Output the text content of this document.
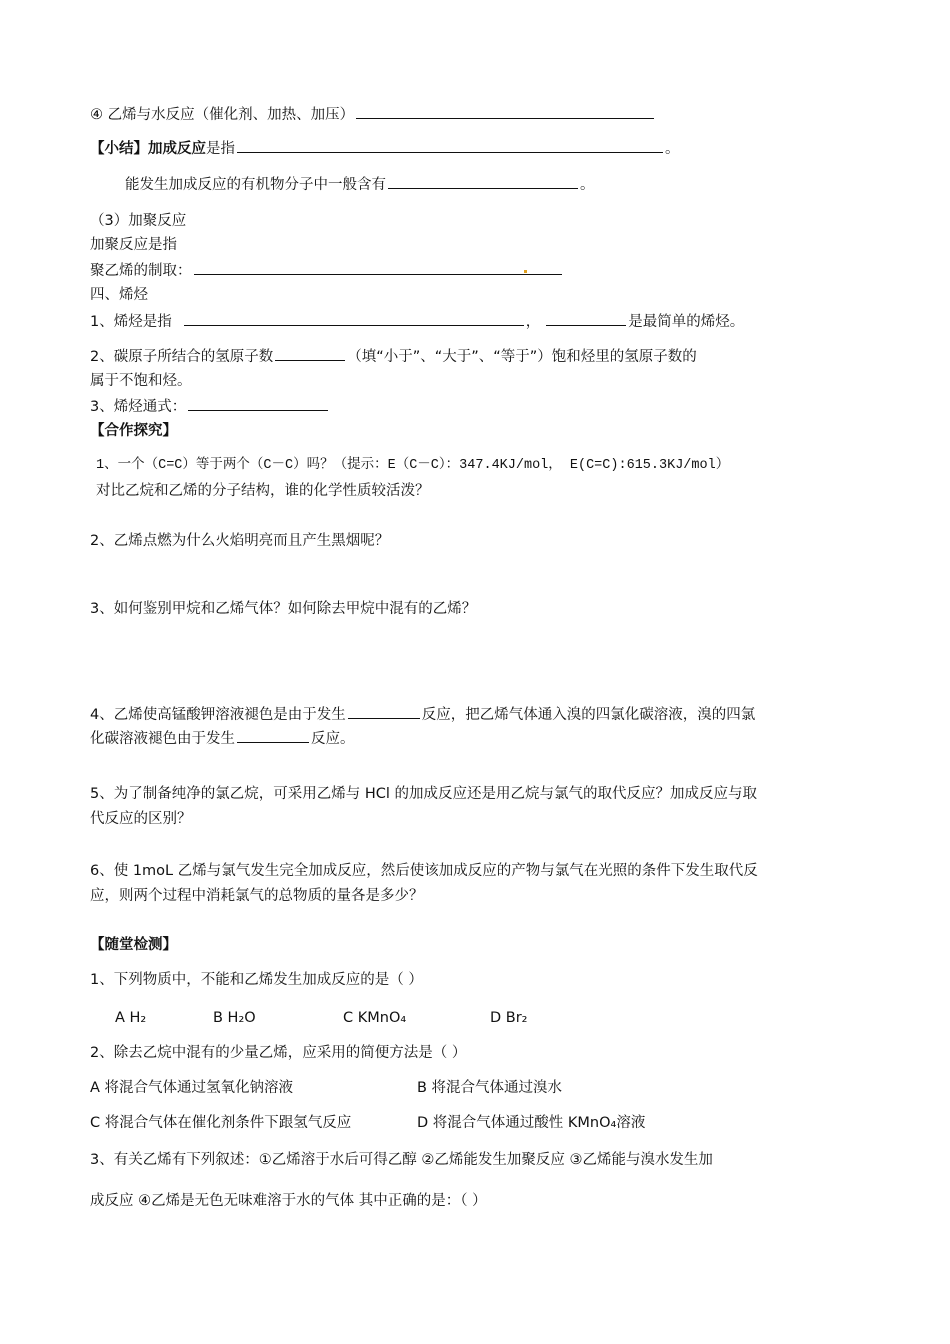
④ 乙烯与水反应（催化剂、加热、加压）
【小结】加成反应是指	。
能发生加成反应的有机物分子中一般含有	。
（3）加聚反应
加聚反应是指
聚乙烯的制取：
四、烯烃
1、烯烃是指	，	是最简单的烯烃。
2、碳原子所结合的氢原子数	（填“小于”、“大于”、“等于”）饱和烃里的氢原子数的
属于不饱和烃。
3、烯烃通式：
【合作探究】
1、一个（C=C）等于两个（C－C）吗？（提示：E（C－C）：347.4KJ/mol， E(C=C):615.3KJ/mol）
对比乙烷和乙烯的分子结构，谁的化学性质较活泼？
2、乙烯点燃为什么火焰明亮而且产生黑烟呢？
3、如何鉴别甲烷和乙烯气体？如何除去甲烷中混有的乙烯？
4、乙烯使高锰酸钾溶液褪色是由于发生	反应，把乙烯气体通入溴的四氯化碳溶液，溴的四氯
化碳溶液褪色由于发生	反应。
5、为了制备纯净的氯乙烷，可采用乙烯与 HCl 的加成反应还是用乙烷与氯气的取代反应？加成反应与取
代反应的区别？
6、使 1moL 乙烯与氯气发生完全加成反应，然后使该加成反应的产物与氯气在光照的条件下发生取代反
应，则两个过程中消耗氯气的总物质的量各是多少？
【随堂检测】
1、下列物质中，不能和乙烯发生加成反应的是（ ）
A H₂	B H₂O	C KMnO₄	D Br₂
2、除去乙烷中混有的少量乙烯，应采用的简便方法是（ ）
A 将混合气体通过氢氧化钠溶液	B 将混合气体通过溴水
C 将混合气体在催化剂条件下跟氢气反应	D 将混合气体通过酸性 KMnO₄溶液
3、有关乙烯有下列叙述：①乙烯溶于水后可得乙醇 ②乙烯能发生加聚反应 ③乙烯能与溴水发生加
成反应 ④乙烯是无色无味难溶于水的气体 其中正确的是：（ ）
